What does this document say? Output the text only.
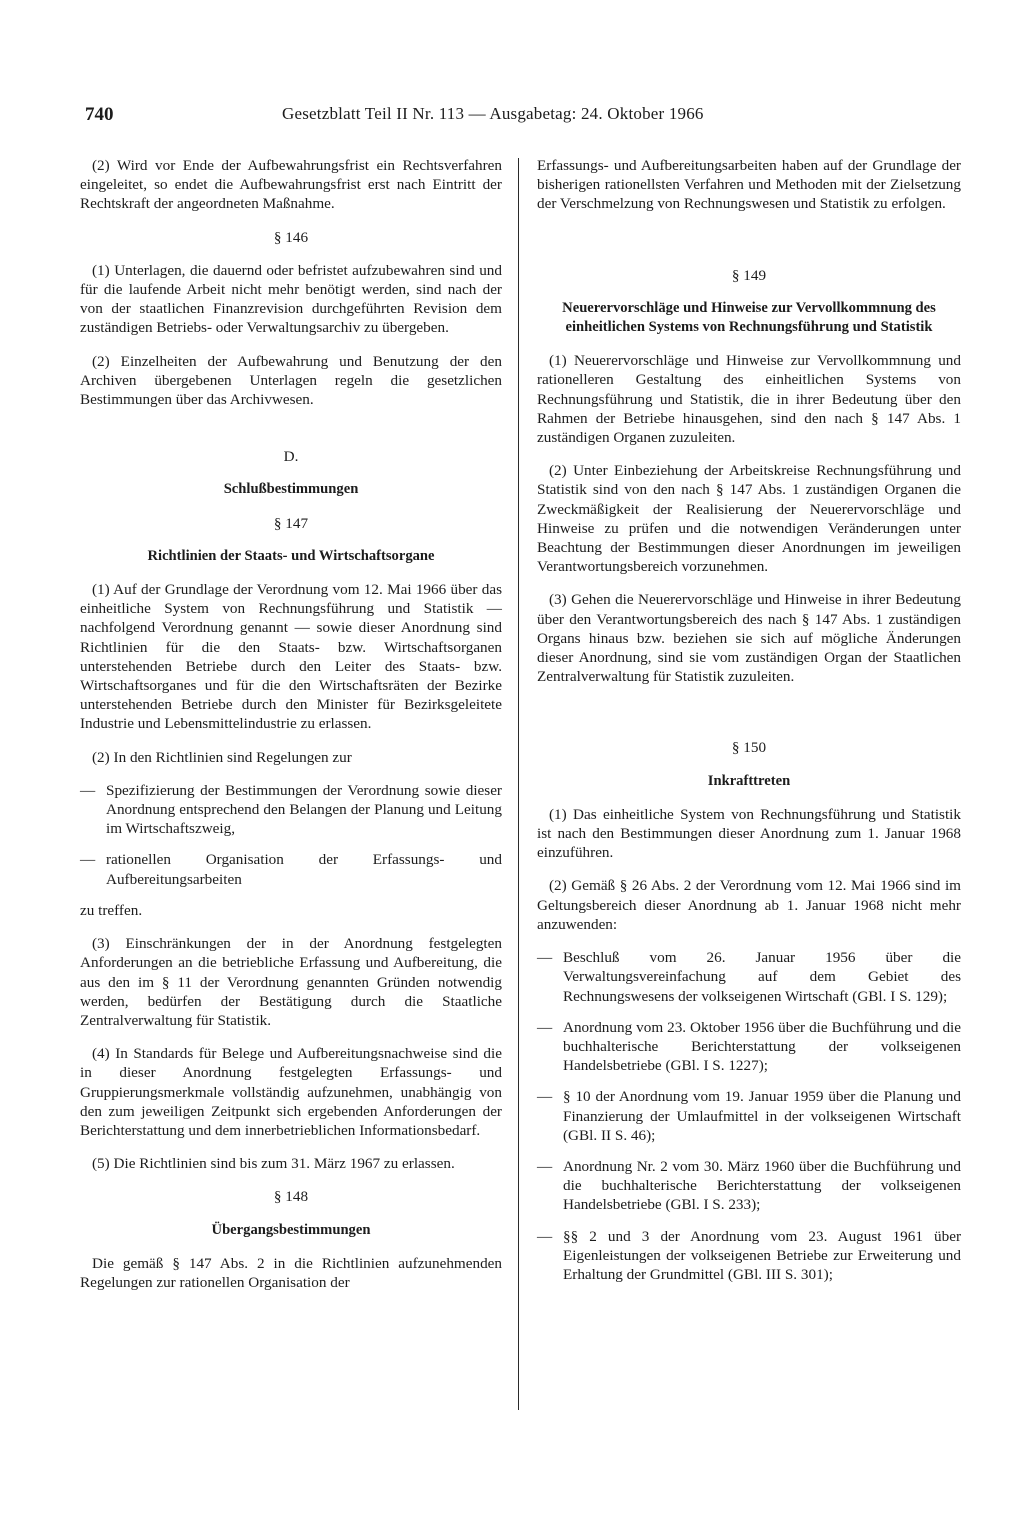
740	Gesetzblatt Teil II Nr. 113 — Ausgabetag: 24. Oktober 1966

(2) Wird vor Ende der Aufbewahrungsfrist ein Rechtsverfahren eingeleitet, so endet die Aufbewahrungsfrist erst nach Eintritt der Rechtskraft der angeordneten Maßnahme.

§ 146

(1) Unterlagen, die dauernd oder befristet aufzubewahren sind und für die laufende Arbeit nicht mehr benötigt werden, sind nach der von der staatlichen Finanzrevision durchgeführten Revision dem zuständigen Betriebs- oder Verwaltungsarchiv zu übergeben.

(2) Einzelheiten der Aufbewahrung und Benutzung der den Archiven übergebenen Unterlagen regeln die gesetzlichen Bestimmungen über das Archivwesen.

D.
Schlußbestimmungen
§ 147
Richtlinien der Staats- und Wirtschaftsorgane

(1) Auf der Grundlage der Verordnung vom 12. Mai 1966 über das einheitliche System von Rechnungsführung und Statistik — nachfolgend Verordnung genannt — sowie dieser Anordnung sind Richtlinien für die den Staats- bzw. Wirtschaftsorganen unterstehenden Betriebe durch den Leiter des Staats- bzw. Wirtschaftsorganes und für die den Wirtschaftsräten der Bezirke unterstehenden Betriebe durch den Minister für Bezirksgeleitete Industrie und Lebensmittelindustrie zu erlassen.

(2) In den Richtlinien sind Regelungen zur

— Spezifizierung der Bestimmungen der Verordnung sowie dieser Anordnung entsprechend den Belangen der Planung und Leitung im Wirtschaftszweig,
— rationellen Organisation der Erfassungs- und Aufbereitungsarbeiten

zu treffen.

(3) Einschränkungen der in der Anordnung festgelegten Anforderungen an die betriebliche Erfassung und Aufbereitung, die aus den im § 11 der Verordnung genannten Gründen notwendig werden, bedürfen der Bestätigung durch die Staatliche Zentralverwaltung für Statistik.

(4) In Standards für Belege und Aufbereitungsnachweise sind die in dieser Anordnung festgelegten Erfassungs- und Gruppierungsmerkmale vollständig aufzunehmen, unabhängig von den zum jeweiligen Zeitpunkt sich ergebenden Anforderungen der Berichterstattung und dem innerbetrieblichen Informationsbedarf.

(5) Die Richtlinien sind bis zum 31. März 1967 zu erlassen.

§ 148
Übergangsbestimmungen

Die gemäß § 147 Abs. 2 in die Richtlinien aufzunehmenden Regelungen zur rationellen Organisation der

Erfassungs- und Aufbereitungsarbeiten haben auf der Grundlage der bisherigen rationellsten Verfahren und Methoden mit der Zielsetzung der Verschmelzung von Rechnungswesen und Statistik zu erfolgen.

§ 149
Neuerervorschläge und Hinweise zur Vervollkommnung des einheitlichen Systems von Rechnungsführung und Statistik

(1) Neuerervorschläge und Hinweise zur Vervollkommnung und rationelleren Gestaltung des einheitlichen Systems von Rechnungsführung und Statistik, die in ihrer Bedeutung über den Rahmen der Betriebe hinausgehen, sind den nach § 147 Abs. 1 zuständigen Organen zuzuleiten.

(2) Unter Einbeziehung der Arbeitskreise Rechnungsführung und Statistik sind von den nach § 147 Abs. 1 zuständigen Organen die Zweckmäßigkeit der Realisierung der Neuerervorschläge und Hinweise zu prüfen und die notwendigen Veränderungen unter Beachtung der Bestimmungen dieser Anordnungen im jeweiligen Verantwortungsbereich vorzunehmen.

(3) Gehen die Neuerervorschläge und Hinweise in ihrer Bedeutung über den Verantwortungsbereich des nach § 147 Abs. 1 zuständigen Organs hinaus bzw. beziehen sie sich auf mögliche Änderungen dieser Anordnung, sind sie vom zuständigen Organ der Staatlichen Zentralverwaltung für Statistik zuzuleiten.

§ 150
Inkrafttreten

(1) Das einheitliche System von Rechnungsführung und Statistik ist nach den Bestimmungen dieser Anordnung zum 1. Januar 1968 einzuführen.

(2) Gemäß § 26 Abs. 2 der Verordnung vom 12. Mai 1966 sind im Geltungsbereich dieser Anordnung ab 1. Januar 1968 nicht mehr anzuwenden:

— Beschluß vom 26. Januar 1956 über die Verwaltungsvereinfachung auf dem Gebiet des Rechnungswesens der volkseigenen Wirtschaft (GBl. I S. 129);
— Anordnung vom 23. Oktober 1956 über die Buchführung und die buchhalterische Berichterstattung der volkseigenen Handelsbetriebe (GBl. I S. 1227);
— § 10 der Anordnung vom 19. Januar 1959 über die Planung und Finanzierung der Umlaufmittel in der volkseigenen Wirtschaft (GBl. II S. 46);
— Anordnung Nr. 2 vom 30. März 1960 über die Buchführung und die buchhalterische Berichterstattung der volkseigenen Handelsbetriebe (GBl. I S. 233);
— §§ 2 und 3 der Anordnung vom 23. August 1961 über Eigenleistungen der volkseigenen Betriebe zur Erweiterung und Erhaltung der Grundmittel (GBl. III S. 301);
